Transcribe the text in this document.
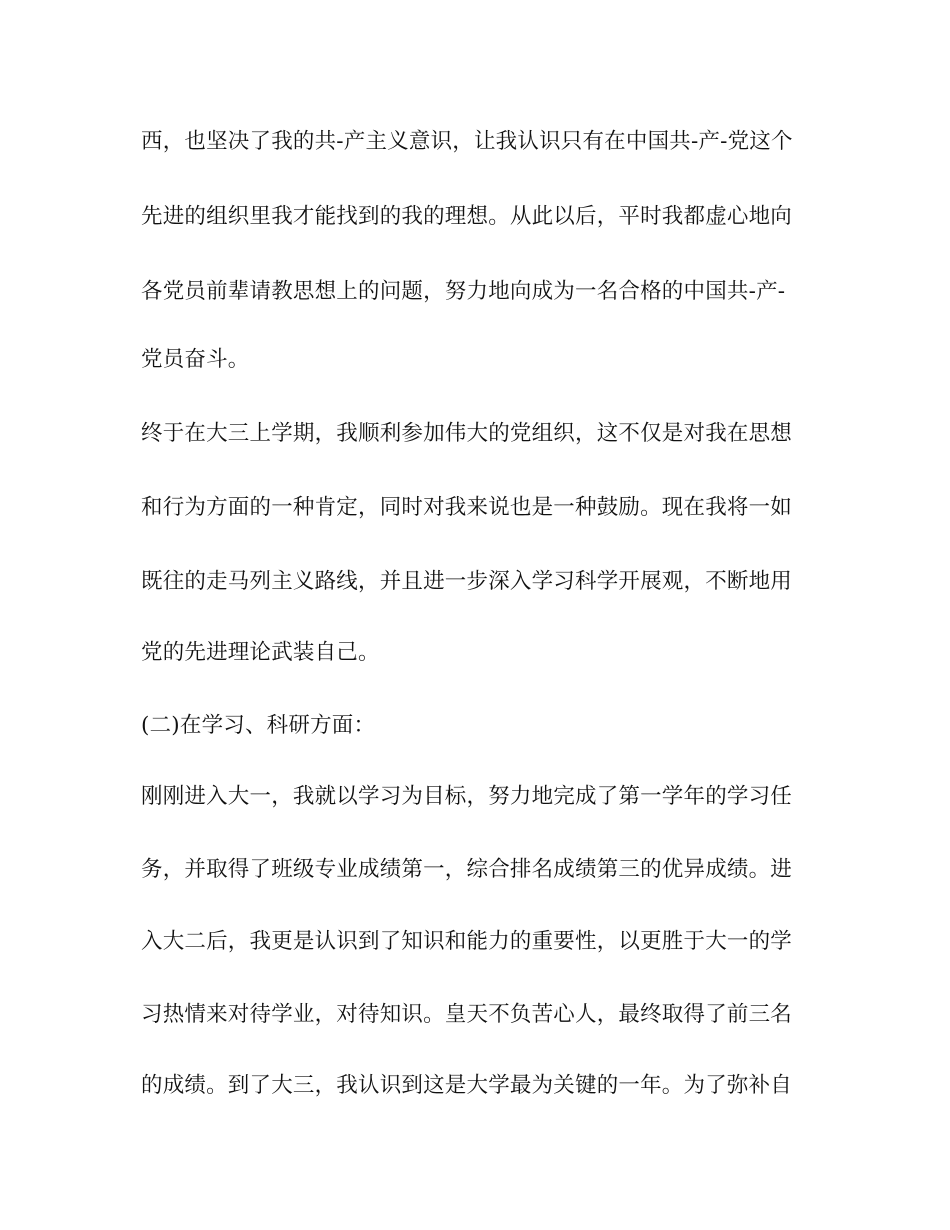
西，也坚决了我的共-产主义意识，让我认识只有在中国共-产-党这个
先进的组织里我才能找到的我的理想。从此以后，平时我都虚心地向
各党员前辈请教思想上的问题，努力地向成为一名合格的中国共-产-
党员奋斗。
终于在大三上学期，我顺利参加伟大的党组织，这不仅是对我在思想
和行为方面的一种肯定，同时对我来说也是一种鼓励。现在我将一如
既往的走马列主义路线，并且进一步深入学习科学开展观，不断地用
党的先进理论武装自己。
(二)在学习、科研方面：
刚刚进入大一，我就以学习为目标，努力地完成了第一学年的学习任
务，并取得了班级专业成绩第一，综合排名成绩第三的优异成绩。进
入大二后，我更是认识到了知识和能力的重要性，以更胜于大一的学
习热情来对待学业，对待知识。皇天不负苦心人，最终取得了前三名
的成绩。到了大三，我认识到这是大学最为关键的一年。为了弥补自
